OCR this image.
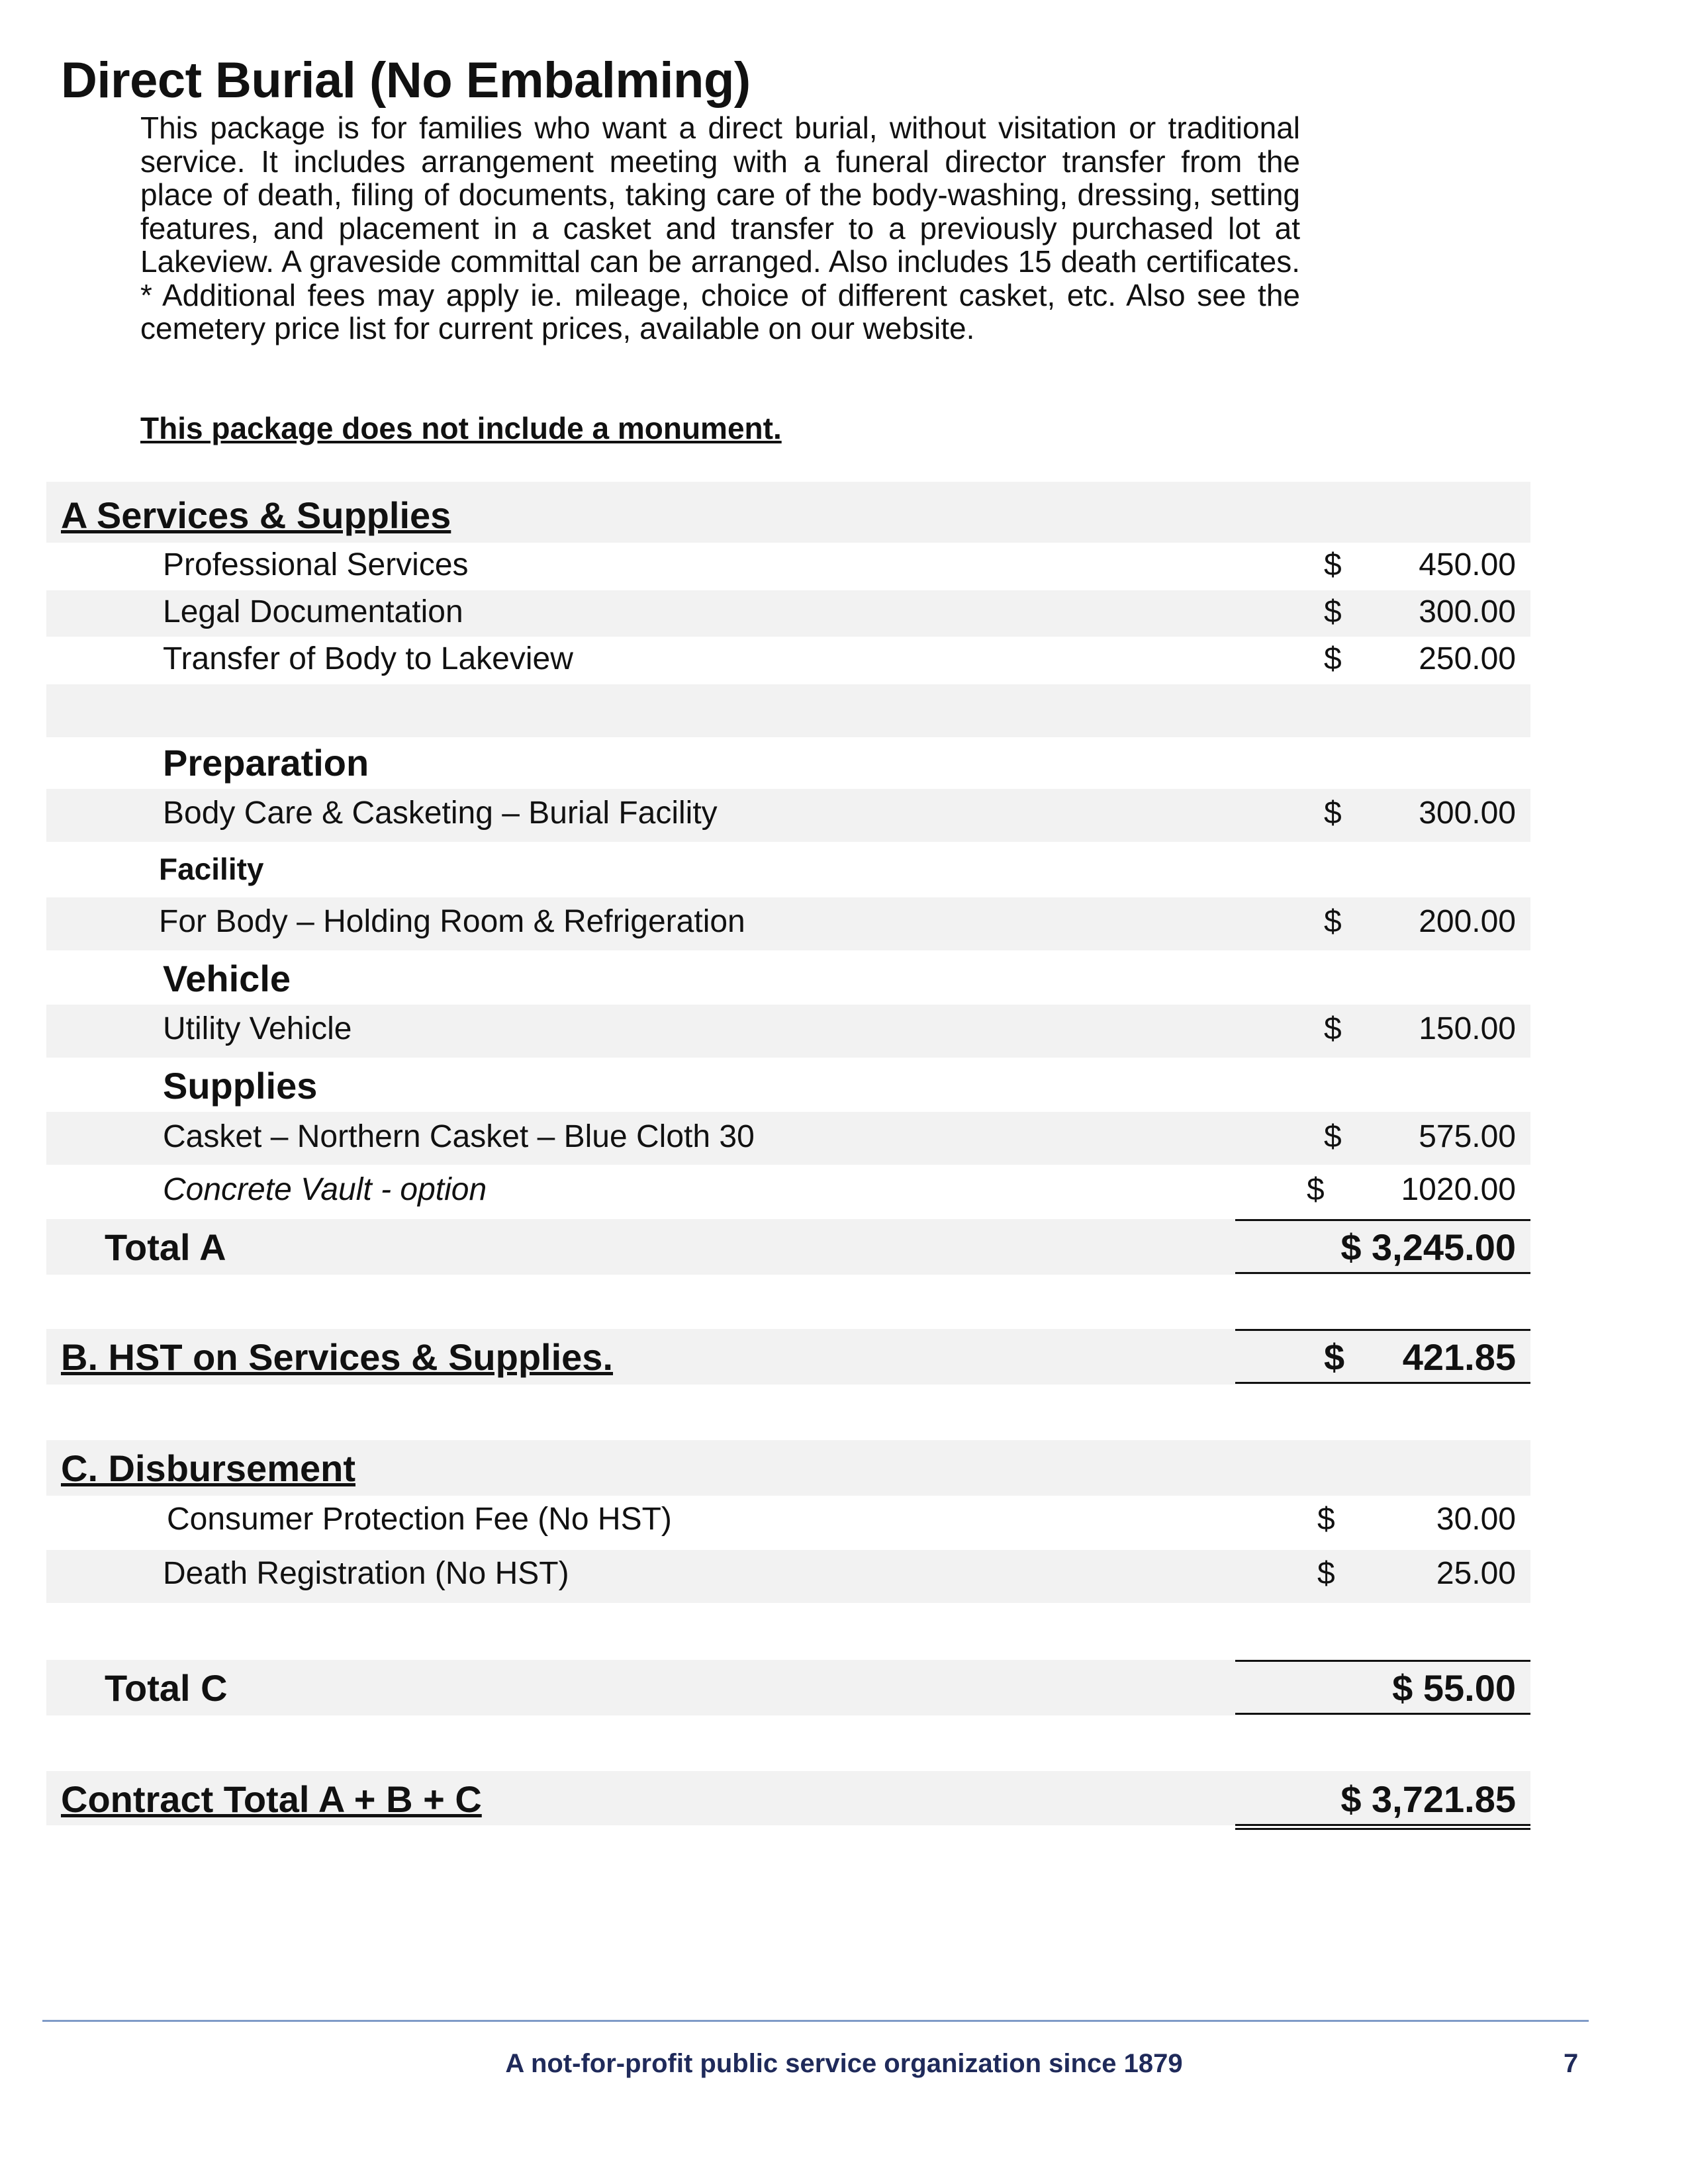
Direct Burial (No Embalming)

This package is for families who want a direct burial, without visitation or traditional service. It includes arrangement meeting with a funeral director transfer from the place of death, filing of documents, taking care of the body-washing, dressing, setting features, and placement in a casket and transfer to a previously purchased lot at Lakeview. A graveside committal can be arranged. Also includes 15 death certificates. * Additional fees may apply ie. mileage, choice of different casket, etc. Also see the cemetery price list for current prices, available on our website.

This package does not include a monument.

A Services & Supplies
Professional Services	$ 450.00
Legal Documentation	$ 300.00
Transfer of Body to Lakeview	$ 250.00
Preparation
Body Care & Casketing – Burial Facility	$ 300.00
Facility
For Body – Holding Room & Refrigeration	$ 200.00
Vehicle
Utility Vehicle	$ 150.00
Supplies
Casket – Northern Casket – Blue Cloth 30	$ 575.00
Concrete Vault - option	$ 1020.00
Total A	$ 3,245.00
B. HST on Services & Supplies.	$ 421.85
C. Disbursement
Consumer Protection Fee (No HST)	$	30.00
Death Registration (No HST)	$	25.00
Total C	$ 55.00
Contract Total A + B + C	$ 3,721.85
A not-for-profit public service organization since 1879	7
